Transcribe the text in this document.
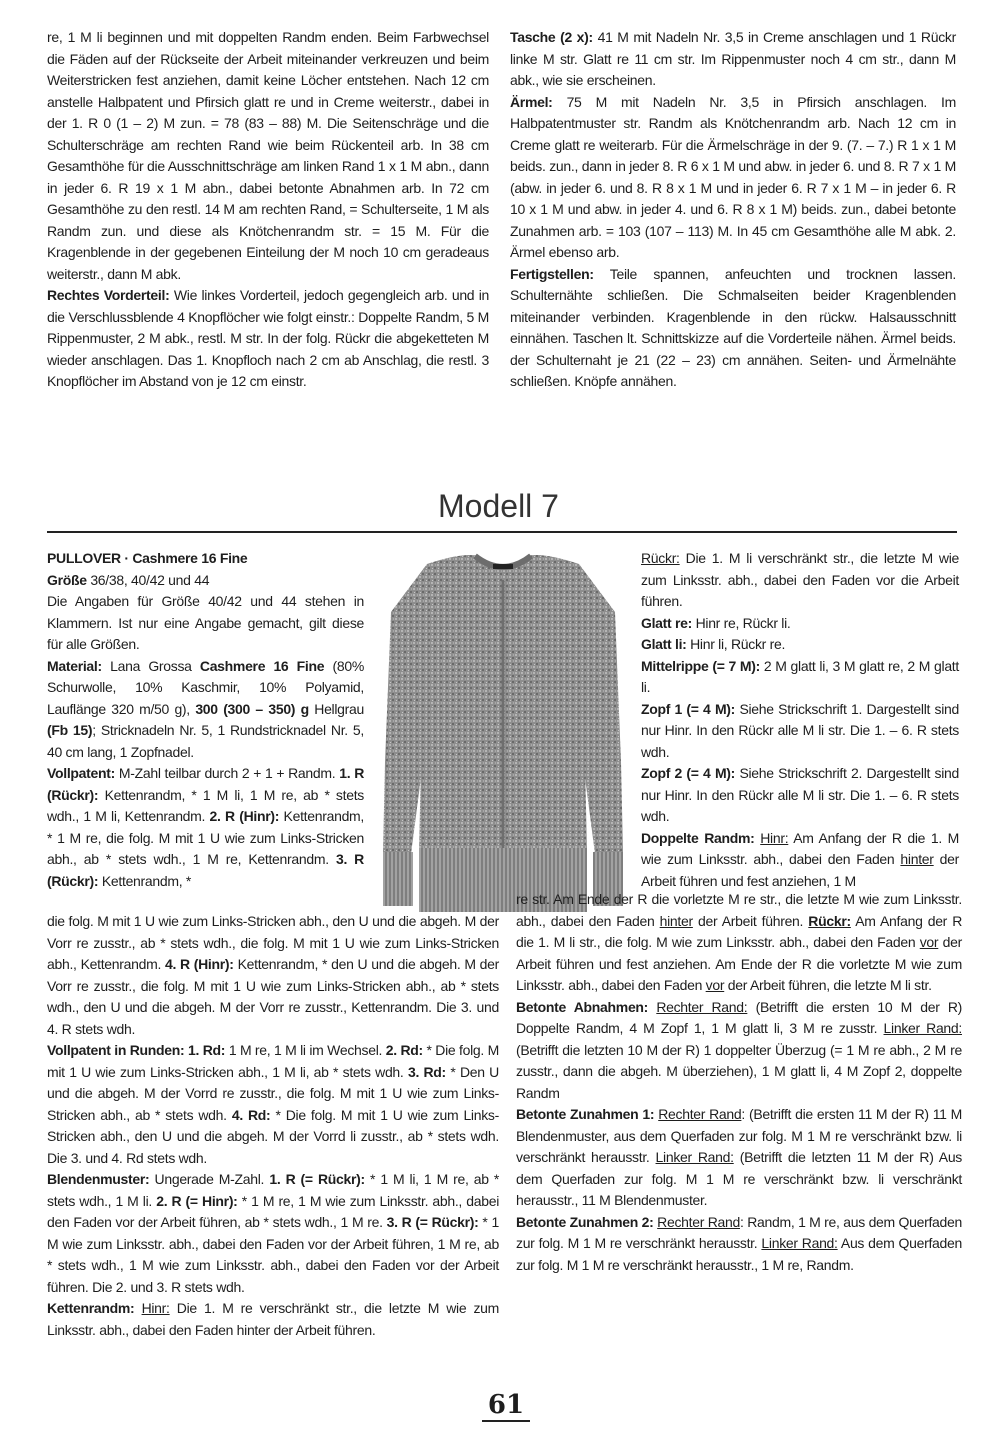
re, 1 M li beginnen und mit doppelten Randm enden. Beim Farbwechsel die Fäden auf der Rückseite der Arbeit miteinander verkreuzen und beim Weiterstricken fest anziehen, damit keine Löcher entstehen. Nach 12 cm anstelle Halbpatent und Pfirsich glatt re und in Creme weiterstr., dabei in der 1. R 0 (1 – 2) M zun. = 78 (83 – 88) M. Die Seitenschräge und die Schulterschräge am rechten Rand wie beim Rückenteil arb. In 38 cm Gesamthöhe für die Ausschnittschräge am linken Rand 1 x 1 M abn., dann in jeder 6. R 19 x 1 M abn., dabei betonte Abnahmen arb. In 72 cm Gesamthöhe zu den restl. 14 M am rechten Rand, = Schulterseite, 1 M als Randm zun. und diese als Knötchenrandm str. = 15 M. Für die Kragenblende in der gegebenen Einteilung der M noch 10 cm geradeaus weiterstr., dann M abk.

Rechtes Vorderteil: Wie linkes Vorderteil, jedoch gegengleich arb. und in die Verschlussblende 4 Knopflöcher wie folgt einstr.: Doppelte Randm, 5 M Rippenmuster, 2 M abk., restl. M str. In der folg. Rückr die abgeketteten M wieder anschlagen. Das 1. Knopfloch nach 2 cm ab Anschlag, die restl. 3 Knopflöcher im Abstand von je 12 cm einstr.

Tasche (2 x): 41 M mit Nadeln Nr. 3,5 in Creme anschlagen und 1 Rückr linke M str. Glatt re 11 cm str. Im Rippenmuster noch 4 cm str., dann M abk., wie sie erscheinen.

Ärmel: 75 M mit Nadeln Nr. 3,5 in Pfirsich anschlagen. Im Halbpatentmuster str. Randm als Knötchenrandm arb. Nach 12 cm in Creme glatt re weiterarb. Für die Ärmelschräge in der 9. (7. – 7.) R 1 x 1 M beids. zun., dann in jeder 8. R 6 x 1 M und abw. in jeder 6. und 8. R 7 x 1 M (abw. in jeder 6. und 8. R 8 x 1 M und in jeder 6. R 7 x 1 M – in jeder 6. R 10 x 1 M und abw. in jeder 4. und 6. R 8 x 1 M) beids. zun., dabei betonte Zunahmen arb. = 103 (107 – 113) M. In 45 cm Gesamthöhe alle M abk. 2. Ärmel ebenso arb.

Fertigstellen: Teile spannen, anfeuchten und trocknen lassen. Schulternähte schließen. Die Schmalseiten beider Kragenblenden miteinander verbinden. Kragenblende in den rückw. Halsausschnitt einnähen. Taschen lt. Schnittskizze auf die Vorderteile nähen. Ärmel beids. der Schulternaht je 21 (22 – 23) cm annähen. Seiten- und Ärmelnähte schließen. Knöpfe annähen.

Modell 7

PULLOVER · Cashmere 16 Fine

Größe 36/38, 40/42 und 44

Die Angaben für Größe 40/42 und 44 stehen in Klammern. Ist nur eine Angabe gemacht, gilt diese für alle Größen.

Material: Lana Grossa Cashmere 16 Fine (80% Schurwolle, 10% Kaschmir, 10% Polyamid, Lauflänge 320 m/50 g), 300 (300 – 350) g Hellgrau (Fb 15); Stricknadeln Nr. 5, 1 Rundstricknadel Nr. 5, 40 cm lang, 1 Zopfnadel.

Vollpatent: M-Zahl teilbar durch 2 + 1 + Randm. 1. R (Rückr): Kettenrandm, * 1 M li, 1 M re, ab * stets wdh., 1 M li, Kettenrandm. 2. R (Hinr): Kettenrandm, * 1 M re, die folg. M mit 1 U wie zum Links-Stricken abh., ab * stets wdh., 1 M re, Kettenrandm. 3. R (Rückr): Kettenrandm, *

Rückr: Die 1. M li verschränkt str., die letzte M wie zum Linksstr. abh., dabei den Faden vor die Arbeit führen.

Glatt re: Hinr re, Rückr li.

Glatt li: Hinr li, Rückr re.

Mittelrippe (= 7 M): 2 M glatt li, 3 M glatt re, 2 M glatt li.

Zopf 1 (= 4 M): Siehe Strickschrift 1. Dargestellt sind nur Hinr. In den Rückr alle M li str. Die 1. – 6. R stets wdh.

Zopf 2 (= 4 M): Siehe Strickschrift 2. Dargestellt sind nur Hinr. In den Rückr alle M li str. Die 1. – 6. R stets wdh.

Doppelte Randm: Hinr: Am Anfang der R die 1. M wie zum Linksstr. abh., dabei den Faden hinter der Arbeit führen und fest anziehen, 1 M

die folg. M mit 1 U wie zum Links-Stricken abh., den U und die abgeh. M der Vorr re zusstr., ab * stets wdh., die folg. M mit 1 U wie zum Links-Stricken abh., Kettenrandm. 4. R (Hinr): Kettenrandm, * den U und die abgeh. M der Vorr re zusstr., die folg. M mit 1 U wie zum Links-Stricken abh., ab * stets wdh., den U und die abgeh. M der Vorr re zusstr., Kettenrandm. Die 3. und 4. R stets wdh.

Vollpatent in Runden: 1. Rd: 1 M re, 1 M li im Wechsel. 2. Rd: * Die folg. M mit 1 U wie zum Links-Stricken abh., 1 M li, ab * stets wdh. 3. Rd: * Den U und die abgeh. M der Vorrd re zusstr., die folg. M mit 1 U wie zum Links-Stricken abh., ab * stets wdh. 4. Rd: * Die folg. M mit 1 U wie zum Links-Stricken abh., den U und die abgeh. M der Vorrd li zusstr., ab * stets wdh. Die 3. und 4. Rd stets wdh.

Blendenmuster: Ungerade M-Zahl. 1. R (= Rückr): * 1 M li, 1 M re, ab * stets wdh., 1 M li. 2. R (= Hinr): * 1 M re, 1 M wie zum Linksstr. abh., dabei den Faden vor der Arbeit führen, ab * stets wdh., 1 M re. 3. R (= Rückr): * 1 M wie zum Linksstr. abh., dabei den Faden vor der Arbeit führen, 1 M re, ab * stets wdh., 1 M wie zum Linksstr. abh., dabei den Faden vor der Arbeit führen. Die 2. und 3. R stets wdh.

Kettenrandm: Hinr: Die 1. M re verschränkt str., die letzte M wie zum Linksstr. abh., dabei den Faden hinter der Arbeit führen.

re str. Am Ende der R die vorletzte M re str., die letzte M wie zum Linksstr. abh., dabei den Faden hinter der Arbeit führen. Rückr: Am Anfang der R die 1. M li str., die folg. M wie zum Linksstr. abh., dabei den Faden vor der Arbeit führen und fest anziehen. Am Ende der R die vorletzte M wie zum Linksstr. abh., dabei den Faden vor der Arbeit führen, die letzte M li str.

Betonte Abnahmen: Rechter Rand: (Betrifft die ersten 10 M der R) Doppelte Randm, 4 M Zopf 1, 1 M glatt li, 3 M re zusstr. Linker Rand: (Betrifft die letzten 10 M der R) 1 doppelter Überzug (= 1 M re abh., 2 M re zusstr., dann die abgeh. M überziehen), 1 M glatt li, 4 M Zopf 2, doppelte Randm

Betonte Zunahmen 1: Rechter Rand: (Betrifft die ersten 11 M der R) 11 M Blendenmuster, aus dem Querfaden zur folg. M 1 M re verschränkt bzw. li verschränkt herausstr. Linker Rand: (Betrifft die letzten 11 M der R) Aus dem Querfaden zur folg. M 1 M re verschränkt bzw. li verschränkt herausstr., 11 M Blendenmuster.

Betonte Zunahmen 2: Rechter Rand: Randm, 1 M re, aus dem Querfaden zur folg. M 1 M re verschränkt herausstr. Linker Rand: Aus dem Querfaden zur folg. M 1 M re verschränkt herausstr., 1 M re, Randm.

61
